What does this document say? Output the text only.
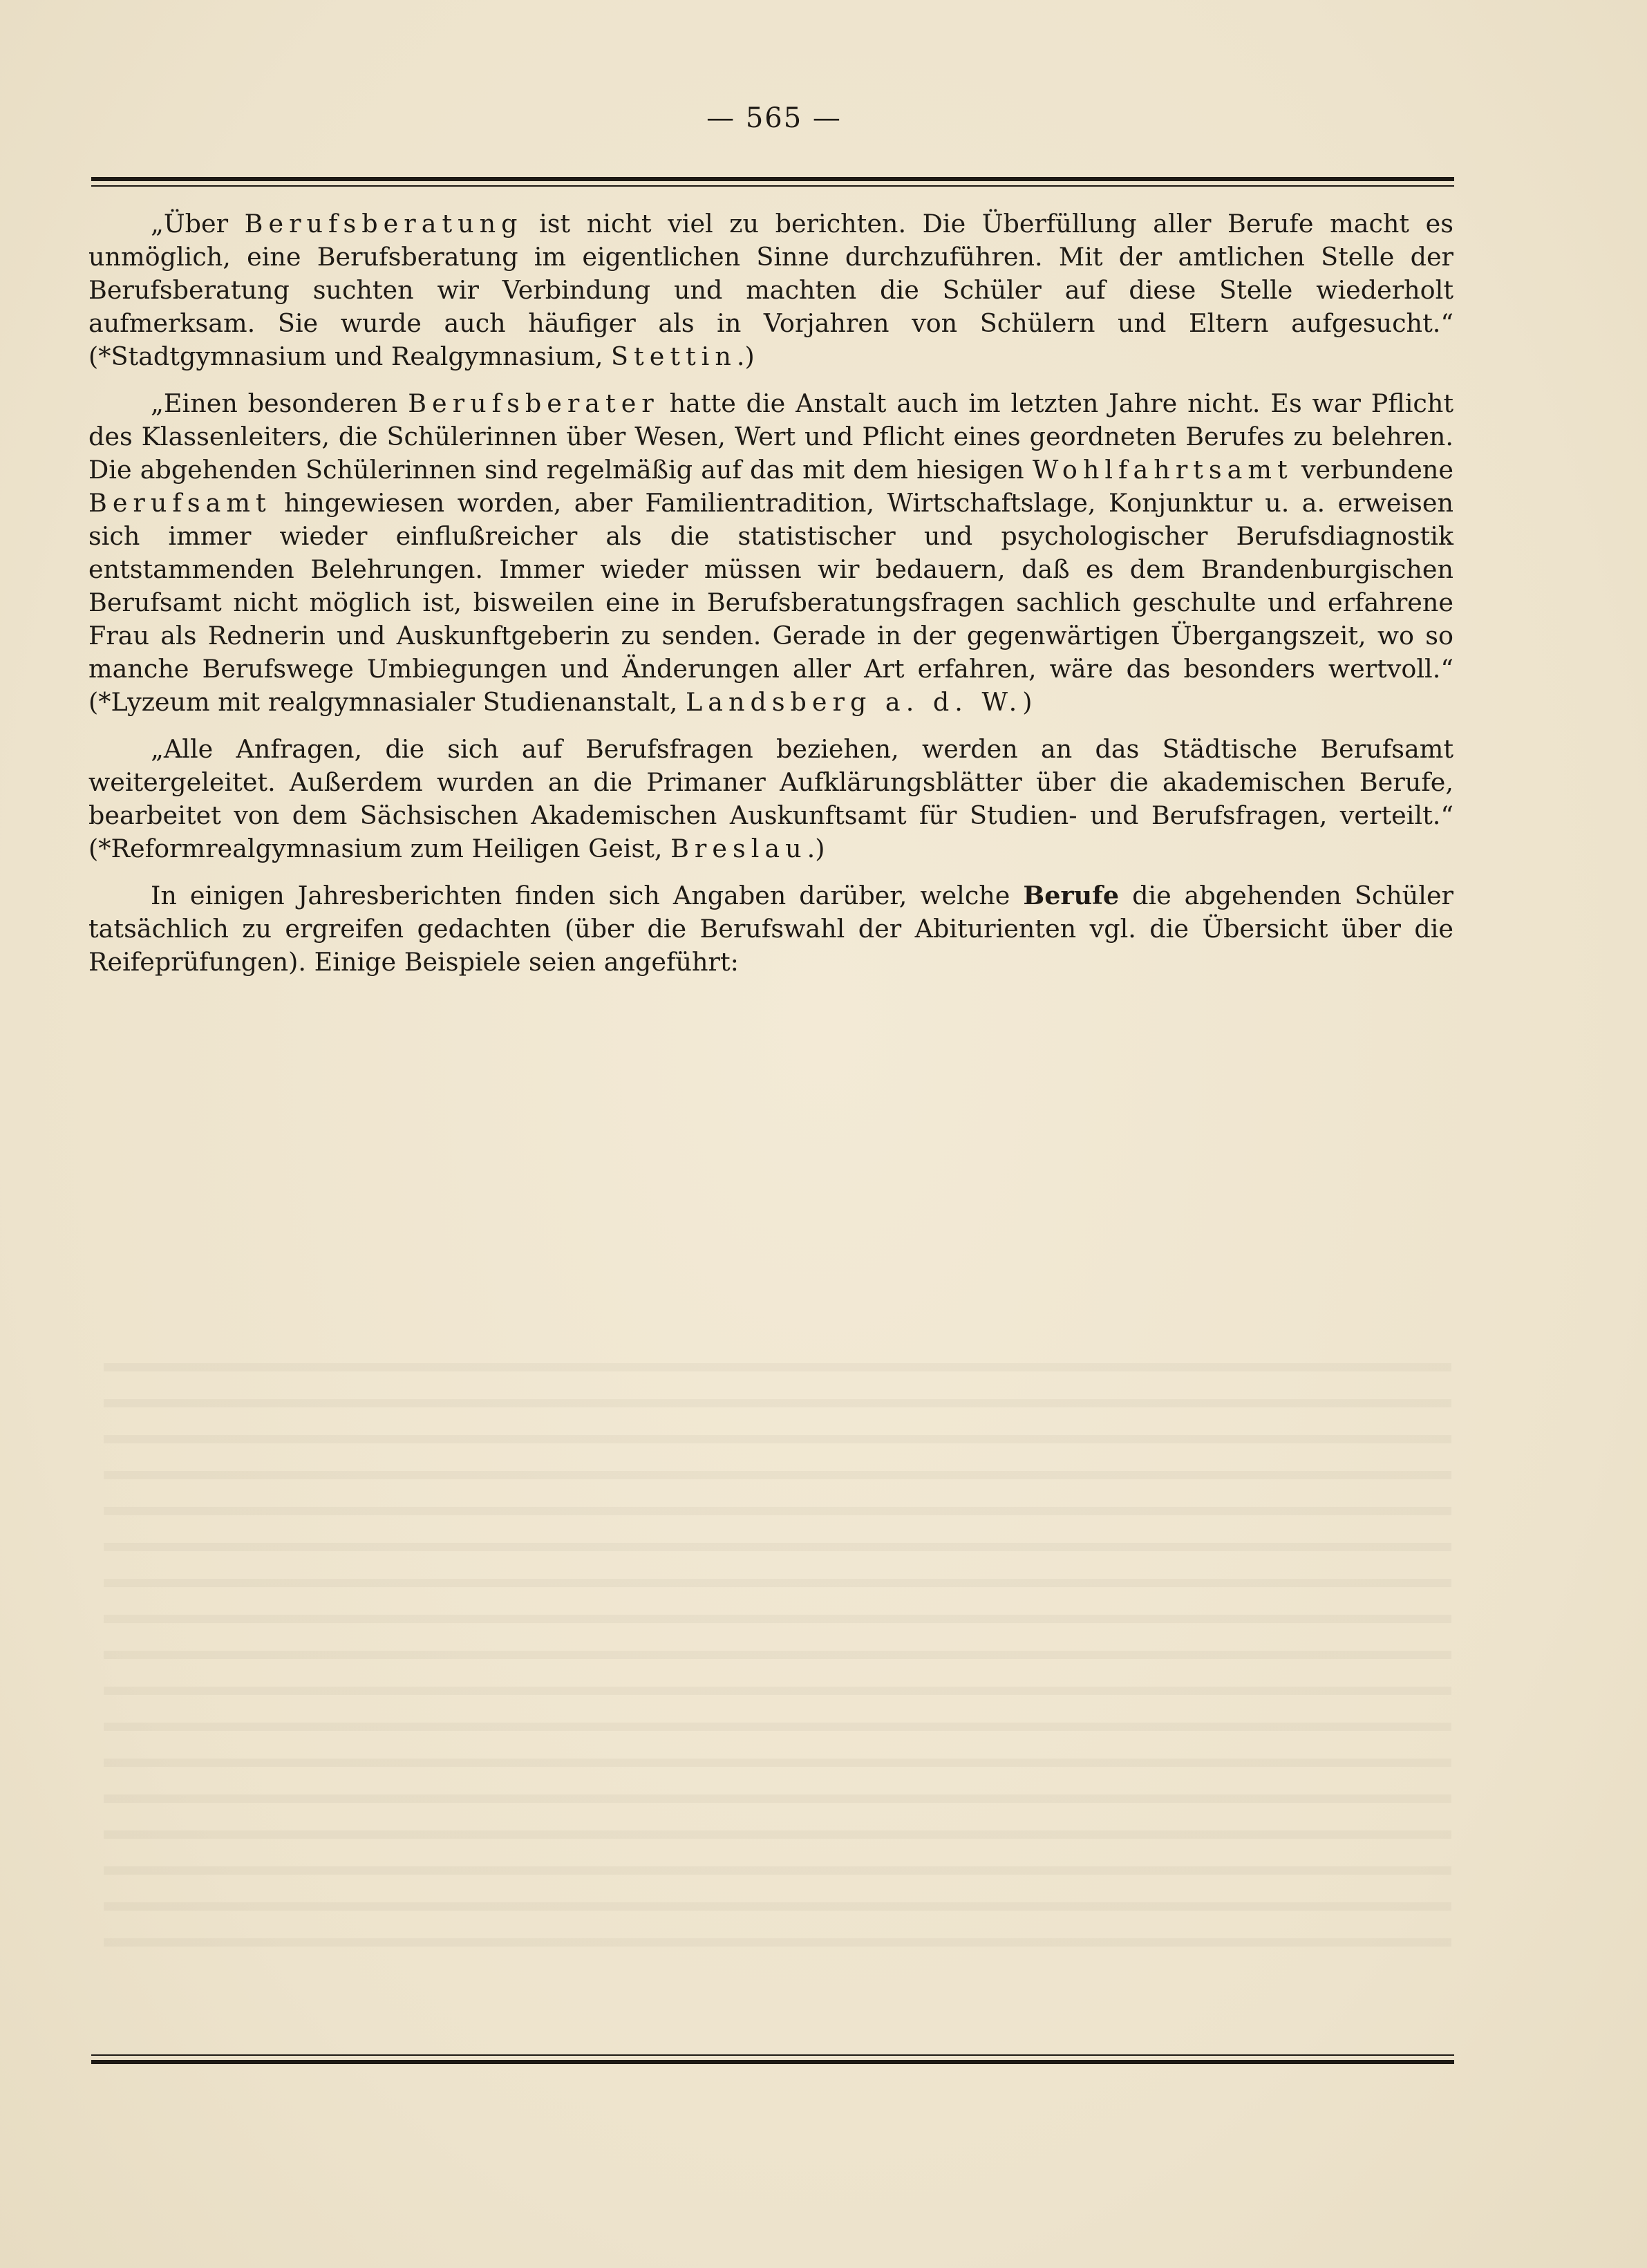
— 565 —

„Über Berufsberatung ist nicht viel zu berichten. Die Überfüllung aller Berufe macht es unmöglich, eine Berufsberatung im eigentlichen Sinne durchzuführen. Mit der amtlichen Stelle der Berufsberatung suchten wir Verbindung und machten die Schüler auf diese Stelle wiederholt aufmerksam. Sie wurde auch häufiger als in Vorjahren von Schülern und Eltern aufgesucht.“ (*Stadtgymnasium und Realgymnasium, Stettin.)

„Einen besonderen Berufsberater hatte die Anstalt auch im letzten Jahre nicht. Es war Pflicht des Klassenleiters, die Schülerinnen über Wesen, Wert und Pflicht eines geordneten Berufes zu belehren. Die abgehenden Schülerinnen sind regelmäßig auf das mit dem hiesigen Wohlfahrtsamt verbundene Berufsamt hingewiesen worden, aber Familientradition, Wirtschaftslage, Konjunktur u. a. erweisen sich immer wieder einflußreicher als die statistischer und psychologischer Berufsdiagnostik entstammenden Belehrungen. Immer wieder müssen wir bedauern, daß es dem Brandenburgischen Berufsamt nicht möglich ist, bisweilen eine in Berufsberatungsfragen sachlich geschulte und erfahrene Frau als Rednerin und Auskunftgeberin zu senden. Gerade in der gegenwärtigen Übergangszeit, wo so manche Berufswege Umbiegungen und Änderungen aller Art erfahren, wäre das besonders wertvoll.“ (*Lyzeum mit realgymnasialer Studienanstalt, Landsberg a. d. W.)

„Alle Anfragen, die sich auf Berufsfragen beziehen, werden an das Städtische Berufsamt weitergeleitet. Außerdem wurden an die Primaner Aufklärungsblätter über die akademischen Berufe, bearbeitet von dem Sächsischen Akademischen Auskunftsamt für Studien- und Berufsfragen, verteilt.“ (*Reformrealgymnasium zum Heiligen Geist, Breslau.)

In einigen Jahresberichten finden sich Angaben darüber, welche Berufe die abgehenden Schüler tatsächlich zu ergreifen gedachten (über die Berufswahl der Abiturienten vgl. die Übersicht über die Reifeprüfungen). Einige Beispiele seien angeführt:
